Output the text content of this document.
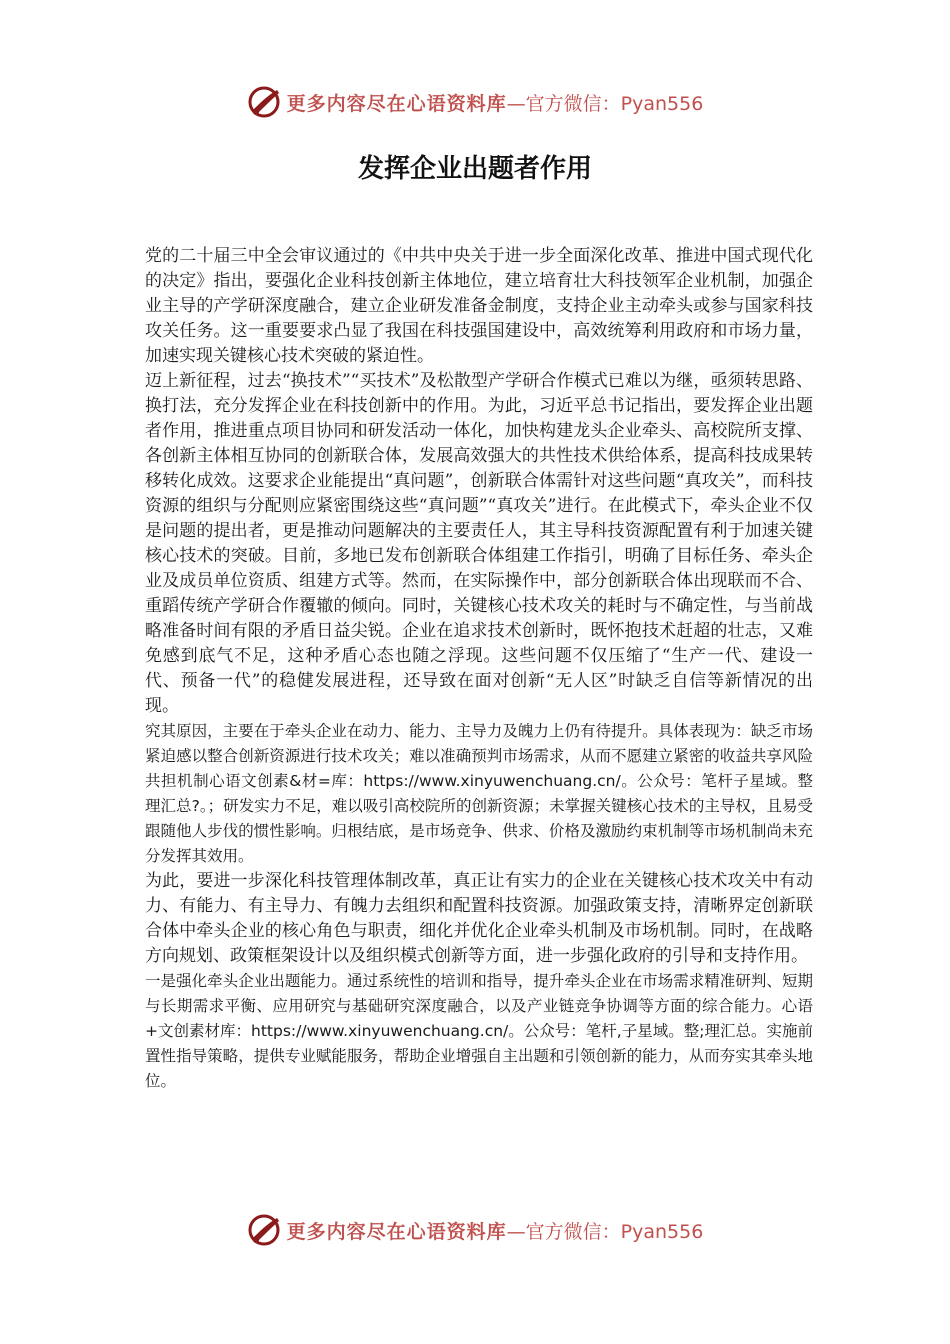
更多内容尽在心语资料库 —官方微信：Pyan556
发挥企业出题者作用

党的二十届三中全会审议通过的《中共中央关于进一步全面深化改革、推进中国式现代化的决定》指出，要强化企业科技创新主体地位，建立培育壮大科技领军企业机制，加强企业主导的产学研深度融合，建立企业研发准备金制度，支持企业主动牵头或参与国家科技攻关任务。这一重要要求凸显了我国在科技强国建设中，高效统筹利用政府和市场力量，加速实现关键核心技术突破的紧迫性。

迈上新征程，过去“换技术”“买技术”及松散型产学研合作模式已难以为继，亟须转思路、换打法，充分发挥企业在科技创新中的作用。为此，习近平总书记指出，要发挥企业出题者作用，推进重点项目协同和研发活动一体化，加快构建龙头企业牵头、高校院所支撑、各创新主体相互协同的创新联合体，发展高效强大的共性技术供给体系，提高科技成果转移转化成效。这要求企业能提出“真问题”，创新联合体需针对这些问题“真攻关”，而科技资源的组织与分配则应紧密围绕这些“真问题”“真攻关”进行。在此模式下，牵头企业不仅是问题的提出者，更是推动问题解决的主要责任人，其主导科技资源配置有利于加速关键核心技术的突破。目前，多地已发布创新联合体组建工作指引，明确了目标任务、牵头企业及成员单位资质、组建方式等。然而，在实际操作中，部分创新联合体出现联而不合、重蹈传统产学研合作覆辙的倾向。同时，关键核心技术攻关的耗时与不确定性，与当前战略准备时间有限的矛盾日益尖锐。企业在追求技术创新时，既怀抱技术赶超的壮志，又难免感到底气不足，这种矛盾心态也随之浮现。这些问题不仅压缩了“生产一代、建设一代、预备一代”的稳健发展进程，还导致在面对创新“无人区”时缺乏自信等新情况的出现。

究其原因，主要在于牵头企业在动力、能力、主导力及魄力上仍有待提升。具体表现为：缺乏市场紧迫感以整合创新资源进行技术攻关；难以准确预判市场需求，从而不愿建立紧密的收益共享风险共担机制心语文创素&材=库：https://www.xinyuwenchuang.cn/。公众号：笔杆子星域。整理汇总?。；研发实力不足，难以吸引高校院所的创新资源；未掌握关键核心技术的主导权，且易受跟随他人步伐的惯性影响。归根结底，是市场竞争、供求、价格及激励约束机制等市场机制尚未充分发挥其效用。

为此，要进一步深化科技管理体制改革，真正让有实力的企业在关键核心技术攻关中有动力、有能力、有主导力、有魄力去组织和配置科技资源。加强政策支持，清晰界定创新联合体中牵头企业的核心角色与职责，细化并优化企业牵头机制及市场机制。同时，在战略方向规划、政策框架设计以及组织模式创新等方面，进一步强化政府的引导和支持作用。

一是强化牵头企业出题能力。通过系统性的培训和指导，提升牵头企业在市场需求精准研判、短期与长期需求平衡、应用研究与基础研究深度融合，以及产业链竞争协调等方面的综合能力。心语+文创素材库：https://www.xinyuwenchuang.cn/。公众号：笔杆,子星域。整;理汇总。实施前置性指导策略，提供专业赋能服务，帮助企业增强自主出题和引领创新的能力，从而夯实其牵头地位。

更多内容尽在心语资料库 —官方微信：Pyan556
